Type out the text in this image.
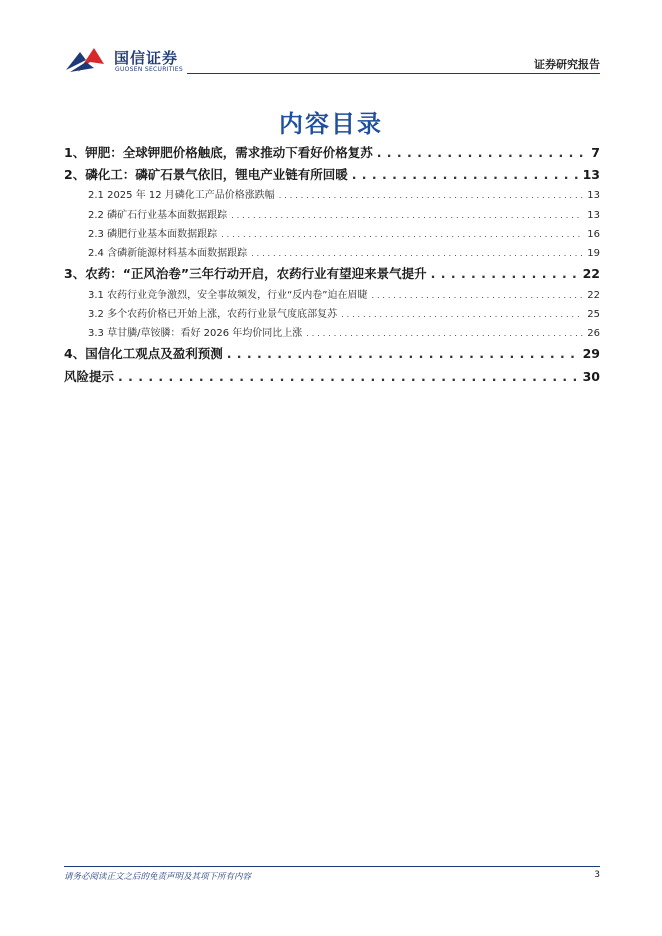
国信证券
GUOSEN SECURITIES	证券研究报告
内容目录
1、钾肥：全球钾肥价格触底，需求推动下看好价格复苏 . . .	7
2、磷化工：磷矿石景气依旧，锂电产业链有所回暖 . . .	13
2.1 2025 年 12 月磷化工产品价格涨跌幅 . . .	13
2.2 磷矿石行业基本面数据跟踪 . . .	13
2.3 磷肥行业基本面数据跟踪 . . .	16
2.4 含磷新能源材料基本面数据跟踪 . . .	19
3、农药：“正风治卷”三年行动开启，农药行业有望迎来景气提升 . . .	22
3.1 农药行业竞争激烈，安全事故频发，行业“反内卷”迫在眉睫 . . .	22
3.2 多个农药价格已开始上涨，农药行业景气度底部复苏 . . .	25
3.3 草甘膦/草铵膦：看好 2026 年均价同比上涨 . . .	26
4、国信化工观点及盈利预测 . . .	29
风险提示 . . .	30
请务必阅读正文之后的免责声明及其项下所有内容	3
